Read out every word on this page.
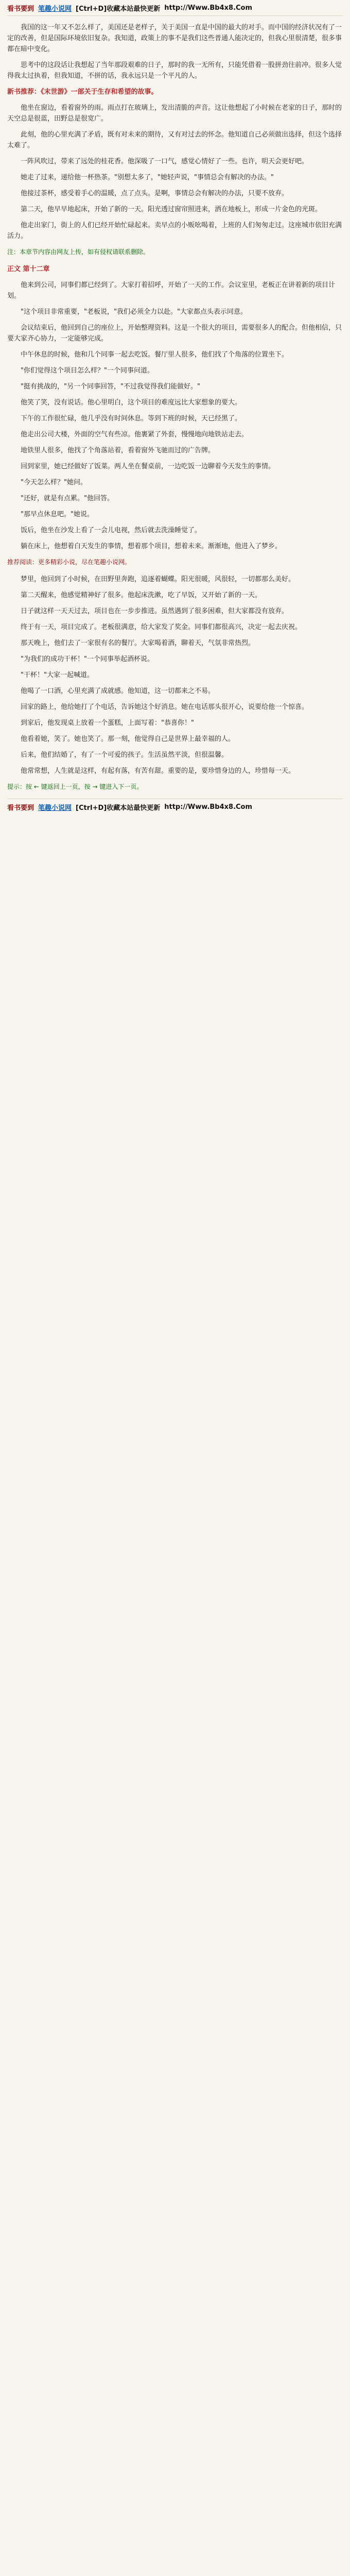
看书要到 笔趣小说网 [Ctrl+D]收藏本站最快更新 http://Www.Bb4x8.Com

我国的这一年又不怎么样了，美国还是老样子，关于美国一直是中国的最大的对手。而中国的经济状况有了一定的改善，但是国际环境依旧复杂。我知道，政策上的事不是我们这些普通人能决定的，但我心里很清楚，很多事都在暗中变化。

思考中的这段话让我想起了当年那段艰难的日子，那时的我一无所有，只能凭借着一股拼劲往前冲。很多人觉得我太过执着，但我知道，不拼的话，我永远只是一个平凡的人。

新书推荐：《末世游》一部关于生存和希望的故事。

他坐在窗边，看着窗外的雨。雨点打在玻璃上，发出清脆的声音。这让他想起了小时候在老家的日子，那时的天空总是很蓝，田野总是很宽广。

此刻，他的心里充满了矛盾，既有对未来的期待，又有对过去的怀念。他知道自己必须做出选择，但这个选择太难了。

一阵风吹过，带来了远处的桂花香。他深吸了一口气，感觉心情好了一些。也许，明天会更好吧。

她走了过来，递给他一杯热茶。"别想太多了，"她轻声说，"事情总会有解决的办法。"

他接过茶杯，感受着手心的温暖，点了点头。是啊，事情总会有解决的办法，只要不放弃。

第二天，他早早地起床，开始了新的一天。阳光透过窗帘照进来，洒在地板上，形成一片金色的光斑。

他走出家门，街上的人们已经开始忙碌起来。卖早点的小贩吆喝着，上班的人们匆匆走过。这座城市依旧充满活力。

注：本章节内容由网友上传，如有侵权请联系删除。

正文 第十二章

他来到公司，同事们都已经到了。大家打着招呼，开始了一天的工作。会议室里，老板正在讲着新的项目计划。

"这个项目非常重要，"老板说，"我们必须全力以赴。"大家都点头表示同意。

会议结束后，他回到自己的座位上，开始整理资料。这是一个很大的项目，需要很多人的配合。但他相信，只要大家齐心协力，一定能够完成。

中午休息的时候，他和几个同事一起去吃饭。餐厅里人很多，他们找了个角落的位置坐下。

"你们觉得这个项目怎么样？"一个同事问道。

"挺有挑战的，"另一个同事回答，"不过我觉得我们能做好。"

他笑了笑，没有说话。他心里明白，这个项目的难度远比大家想象的要大。

下午的工作很忙碌，他几乎没有时间休息。等到下班的时候，天已经黑了。

他走出公司大楼，外面的空气有些凉。他裹紧了外套，慢慢地向地铁站走去。

地铁里人很多，他找了个角落站着，看着窗外飞驰而过的广告牌。

回到家里，她已经做好了饭菜。两人坐在餐桌前，一边吃饭一边聊着今天发生的事情。

"今天怎么样？"她问。

"还好，就是有点累。"他回答。

"那早点休息吧。"她说。

饭后，他坐在沙发上看了一会儿电视，然后就去洗澡睡觉了。

躺在床上，他想着白天发生的事情，想着那个项目，想着未来。渐渐地，他进入了梦乡。

推荐阅读：更多精彩小说，尽在笔趣小说网。

梦里，他回到了小时候，在田野里奔跑，追逐着蝴蝶。阳光很暖，风很轻，一切都那么美好。

第二天醒来，他感觉精神好了很多。他起床洗漱，吃了早饭，又开始了新的一天。

日子就这样一天天过去，项目也在一步步推进。虽然遇到了很多困难，但大家都没有放弃。

终于有一天，项目完成了。老板很满意，给大家发了奖金。同事们都很高兴，决定一起去庆祝。

那天晚上，他们去了一家很有名的餐厅。大家喝着酒，聊着天，气氛非常热烈。

"为我们的成功干杯！"一个同事举起酒杯说。

"干杯！"大家一起喊道。

他喝了一口酒，心里充满了成就感。他知道，这一切都来之不易。

回家的路上，他给她打了个电话，告诉她这个好消息。她在电话那头很开心，说要给他一个惊喜。

到家后，他发现桌上放着一个蛋糕，上面写着："恭喜你！"

他看着她，笑了。她也笑了。那一刻，他觉得自己是世界上最幸福的人。

后来，他们结婚了，有了一个可爱的孩子。生活虽然平淡，但很温馨。

他常常想，人生就是这样，有起有落，有苦有甜。重要的是，要珍惜身边的人，珍惜每一天。

提示：按 ← 键返回上一页，按 → 键进入下一页。

看书要到 笔趣小说网 [Ctrl+D]收藏本站最快更新 http://Www.Bb4x8.Com
